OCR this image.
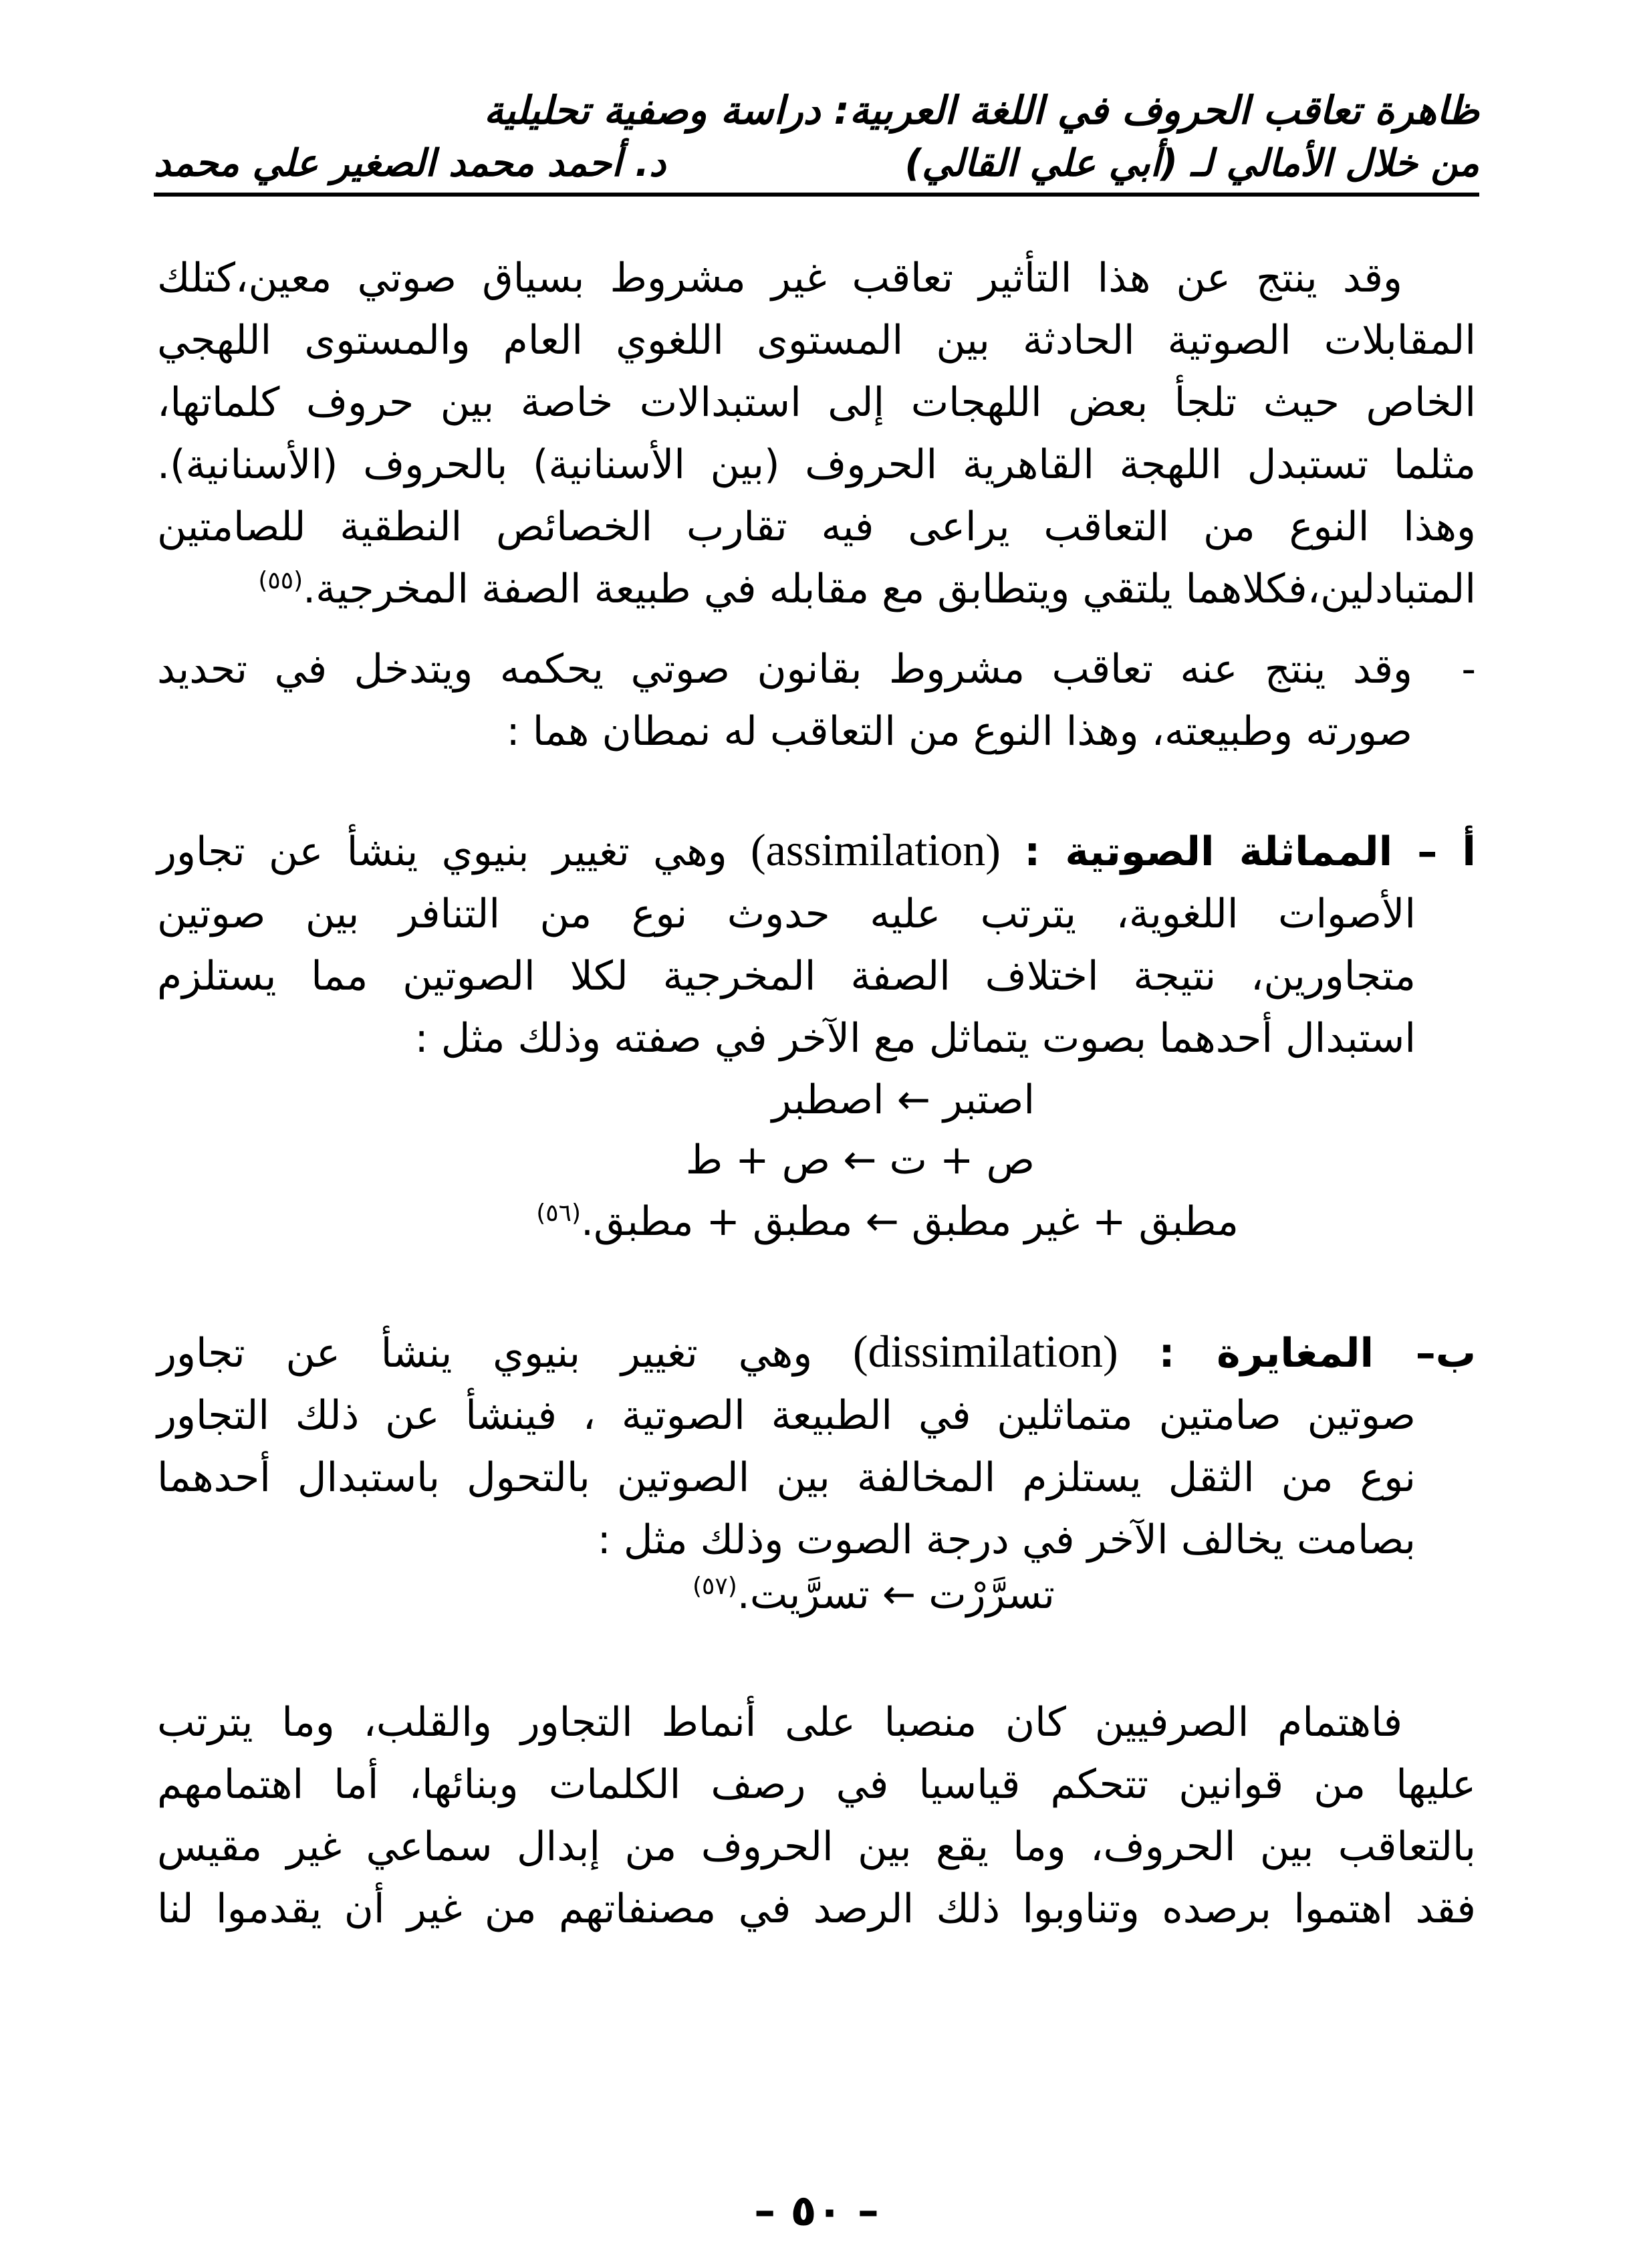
ظاهرة تعاقب الحروف في اللغة العربية: دراسة وصفية تحليلية
من خلال الأمالي لـ (أبي علي القالي)
د. أحمد محمد الصغير علي محمد
وقد ينتج عن هذا التأثير تعاقب غير مشروط بسياق صوتي معين،كتلك
المقابلات الصوتية الحادثة بين المستوى اللغوي العام والمستوى اللهجي
الخاص حيث تلجأ بعض اللهجات إلى استبدالات خاصة بين حروف كلماتها،
مثلما تستبدل اللهجة القاهرية الحروف (بين الأسنانية) بالحروف (الأسنانية).
وهذا النوع من التعاقب يراعى فيه تقارب الخصائص النطقية للصامتين
المتبادلين،فكلاهما يلتقي ويتطابق مع مقابله في طبيعة الصفة المخرجية.$^{(٥٥)}$
-
وقد ينتج عنه تعاقب مشروط بقانون صوتي يحكمه ويتدخل في تحديد
صورته وطبيعته، وهذا النوع من التعاقب له نمطان هما :
أ – المماثلة الصوتية : (assimilation) وهي تغيير بنيوي ينشأ عن تجاور
الأصوات اللغوية، يترتب عليه حدوث نوع من التنافر بين صوتين
متجاورين، نتيجة اختلاف الصفة المخرجية لكلا الصوتين مما يستلزم
استبدال أحدهما بصوت يتماثل مع الآخر في صفته وذلك مثل :
اصتبر ← اصطبر
ص + ت ← ص + ط
مطبق + غير مطبق ← مطبق + مطبق.$^{(٥٦)}$
ب– المغايرة : (dissimilation) وهي تغيير بنيوي ينشأ عن تجاور
صوتين صامتين متماثلين في الطبيعة الصوتية ، فينشأ عن ذلك التجاور
نوع من الثقل يستلزم المخالفة بين الصوتين بالتحول باستبدال أحدهما
بصامت يخالف الآخر في درجة الصوت وذلك مثل :
تسرَّرْت ← تسرَّيت.$^{(٥٧)}$
فاهتمام الصرفيين كان منصبا على أنماط التجاور والقلب، وما يترتب
عليها من قوانين تتحكم قياسيا في رصف الكلمات وبنائها، أما اهتمامهم
بالتعاقب بين الحروف، وما يقع بين الحروف من إبدال سماعي غير مقيس
فقد اهتموا برصده وتناوبوا ذلك الرصد في مصنفاتهم من غير أن يقدموا لنا
– ٥٠ –
